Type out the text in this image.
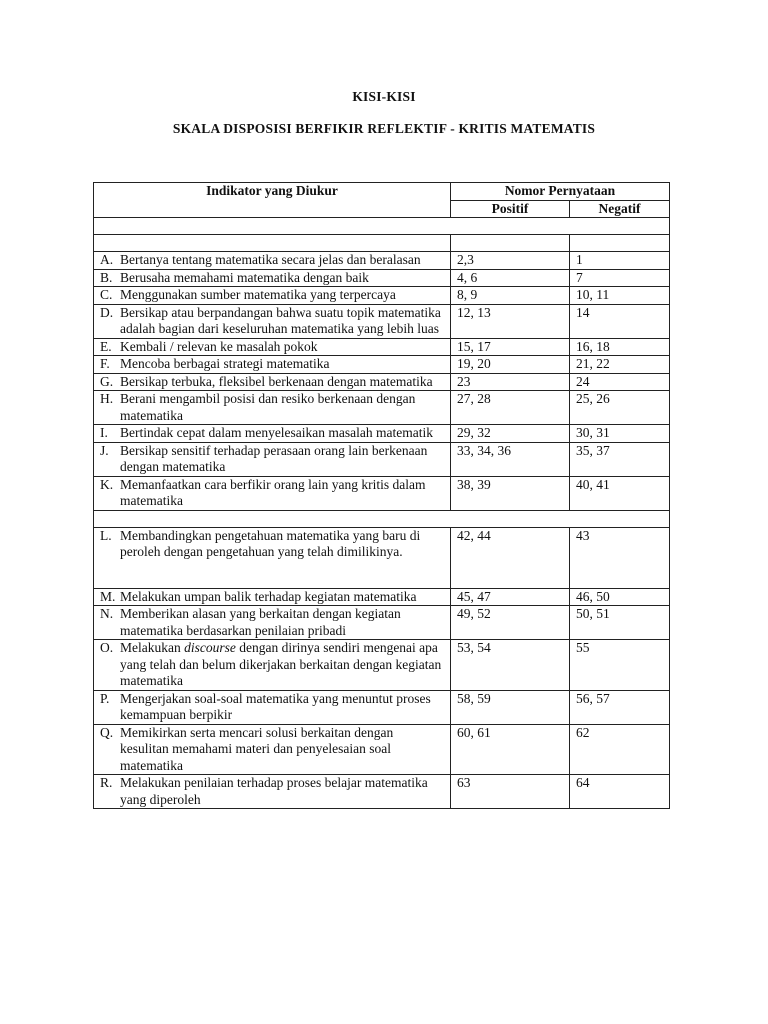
KISI-KISI
SKALA DISPOSISI BERFIKIR REFLEKTIF - KRITIS MATEMATIS
Indikator yang Diukur	Nomor Pernyataan	
	Positif	Negatif

A. Bertanya tentang matematika secara jelas dan beralasan	2,3	1

B. Berusaha memahami matematika dengan baik	4, 6	7

C. Menggunakan sumber matematika yang terpercaya	8, 9	10, 11

D. Bersikap atau berpandangan bahwa suatu topik matematika adalah bagian dari keseluruhan matematika yang lebih luas	12, 13	14

E. Kembali / relevan ke masalah pokok	15, 17	16, 18

F. Mencoba berbagai strategi matematika	19, 20	21, 22

G. Bersikap terbuka, fleksibel berkenaan dengan matematika	23	24

H. Berani mengambil posisi dan resiko berkenaan dengan matematika	27, 28	25, 26

I. Bertindak cepat dalam menyelesaikan masalah matematik	29, 32	30, 31

J. Bersikap sensitif terhadap perasaan orang lain berkenaan dengan matematika	33, 34, 36	35, 37

K. Memanfaatkan cara berfikir orang lain yang kritis dalam matematika	38, 39	40, 41

L. Membandingkan pengetahuan matematika yang baru di peroleh dengan pengetahuan yang telah dimilikinya.	42, 44	43

M. Melakukan umpan balik terhadap kegiatan matematika	45, 47	46, 50

N. Memberikan alasan yang berkaitan dengan kegiatan matematika berdasarkan penilaian pribadi	49, 52	50, 51

O. Melakukan discourse dengan dirinya sendiri mengenai apa yang telah dan belum dikerjakan berkaitan dengan kegiatan matematika	53, 54	55

P. Mengerjakan soal-soal matematika yang menuntut proses kemampuan berpikir	58, 59	56, 57

Q. Memikirkan serta mencari solusi berkaitan dengan kesulitan memahami materi dan penyelesaian soal matematika	60, 61	62

R. Melakukan penilaian terhadap proses belajar matematika yang diperoleh	63	64
